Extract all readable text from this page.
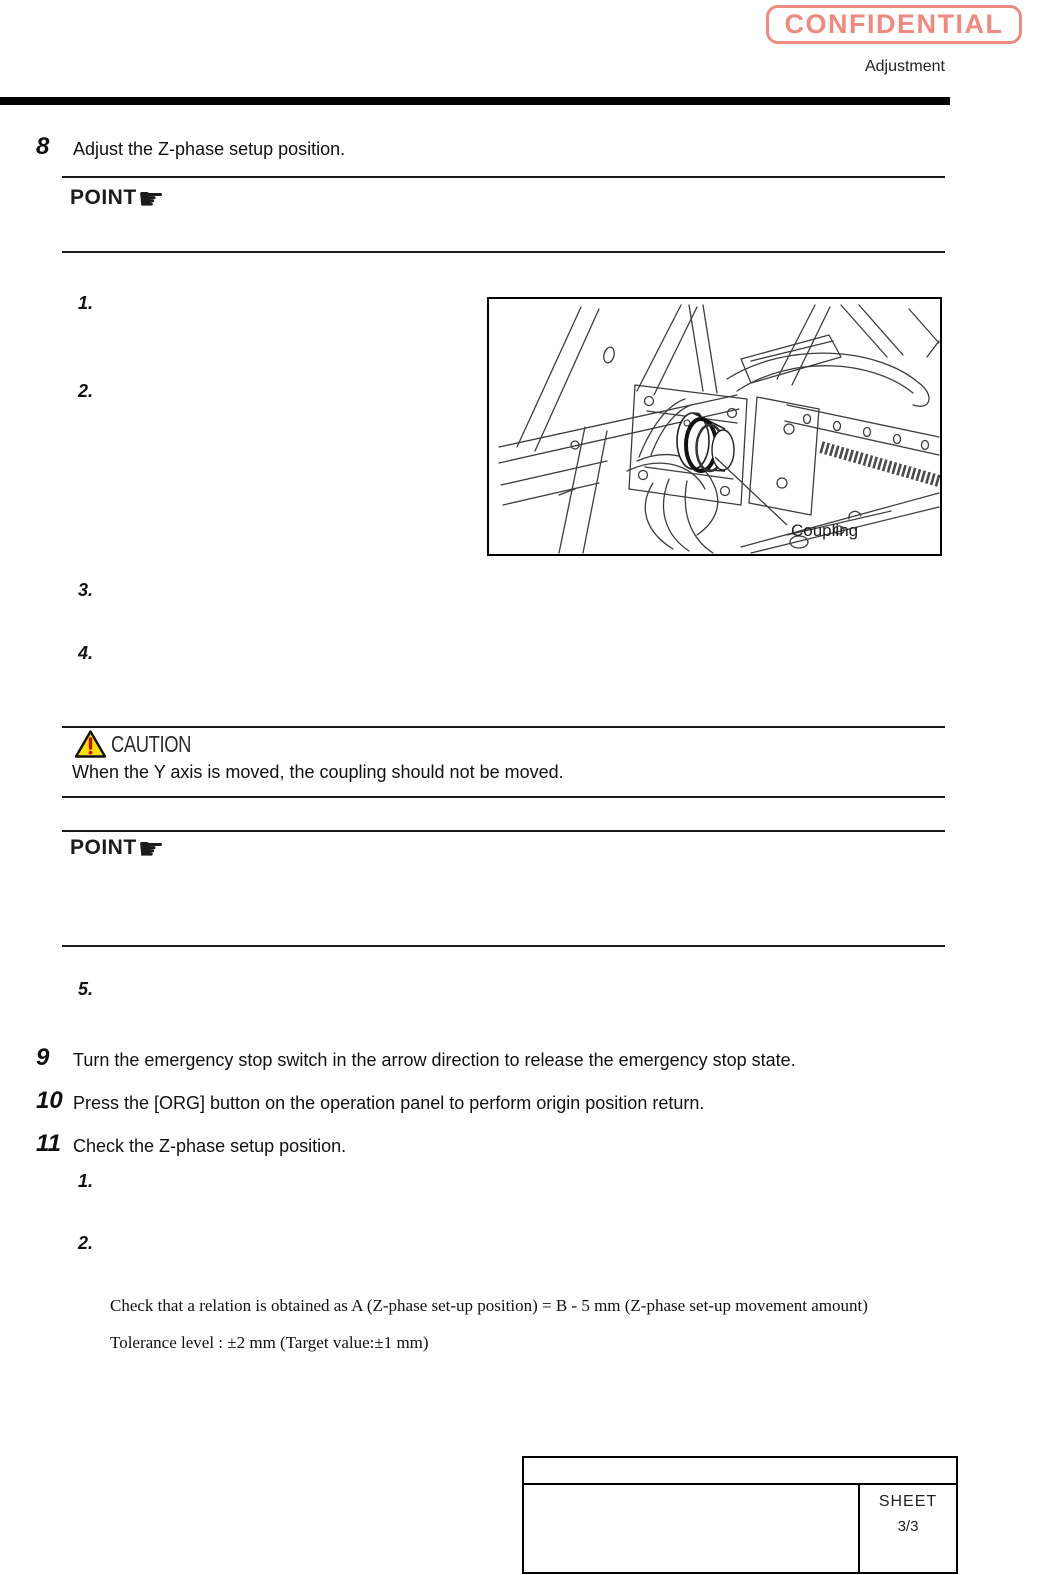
CONFIDENTIAL
Adjustment
8	Adjust the Z-phase setup position.
POINT ☛
1.
2.
3.
4.
Coupling
CAUTION
When the Y axis is moved, the coupling should not be moved.
POINT ☛
5.
9	Turn the emergency stop switch in the arrow direction to release the emergency stop state.
10 Press the [ORG] button on the operation panel to perform origin position return.
11 Check the Z-phase setup position.
1.
2.
Check that a relation is obtained as A (Z-phase set-up position) = B - 5 mm (Z-phase set-up movement amount)
Tolerance level : ±2 mm (Target value:±1 mm)
SHEET
3/3
